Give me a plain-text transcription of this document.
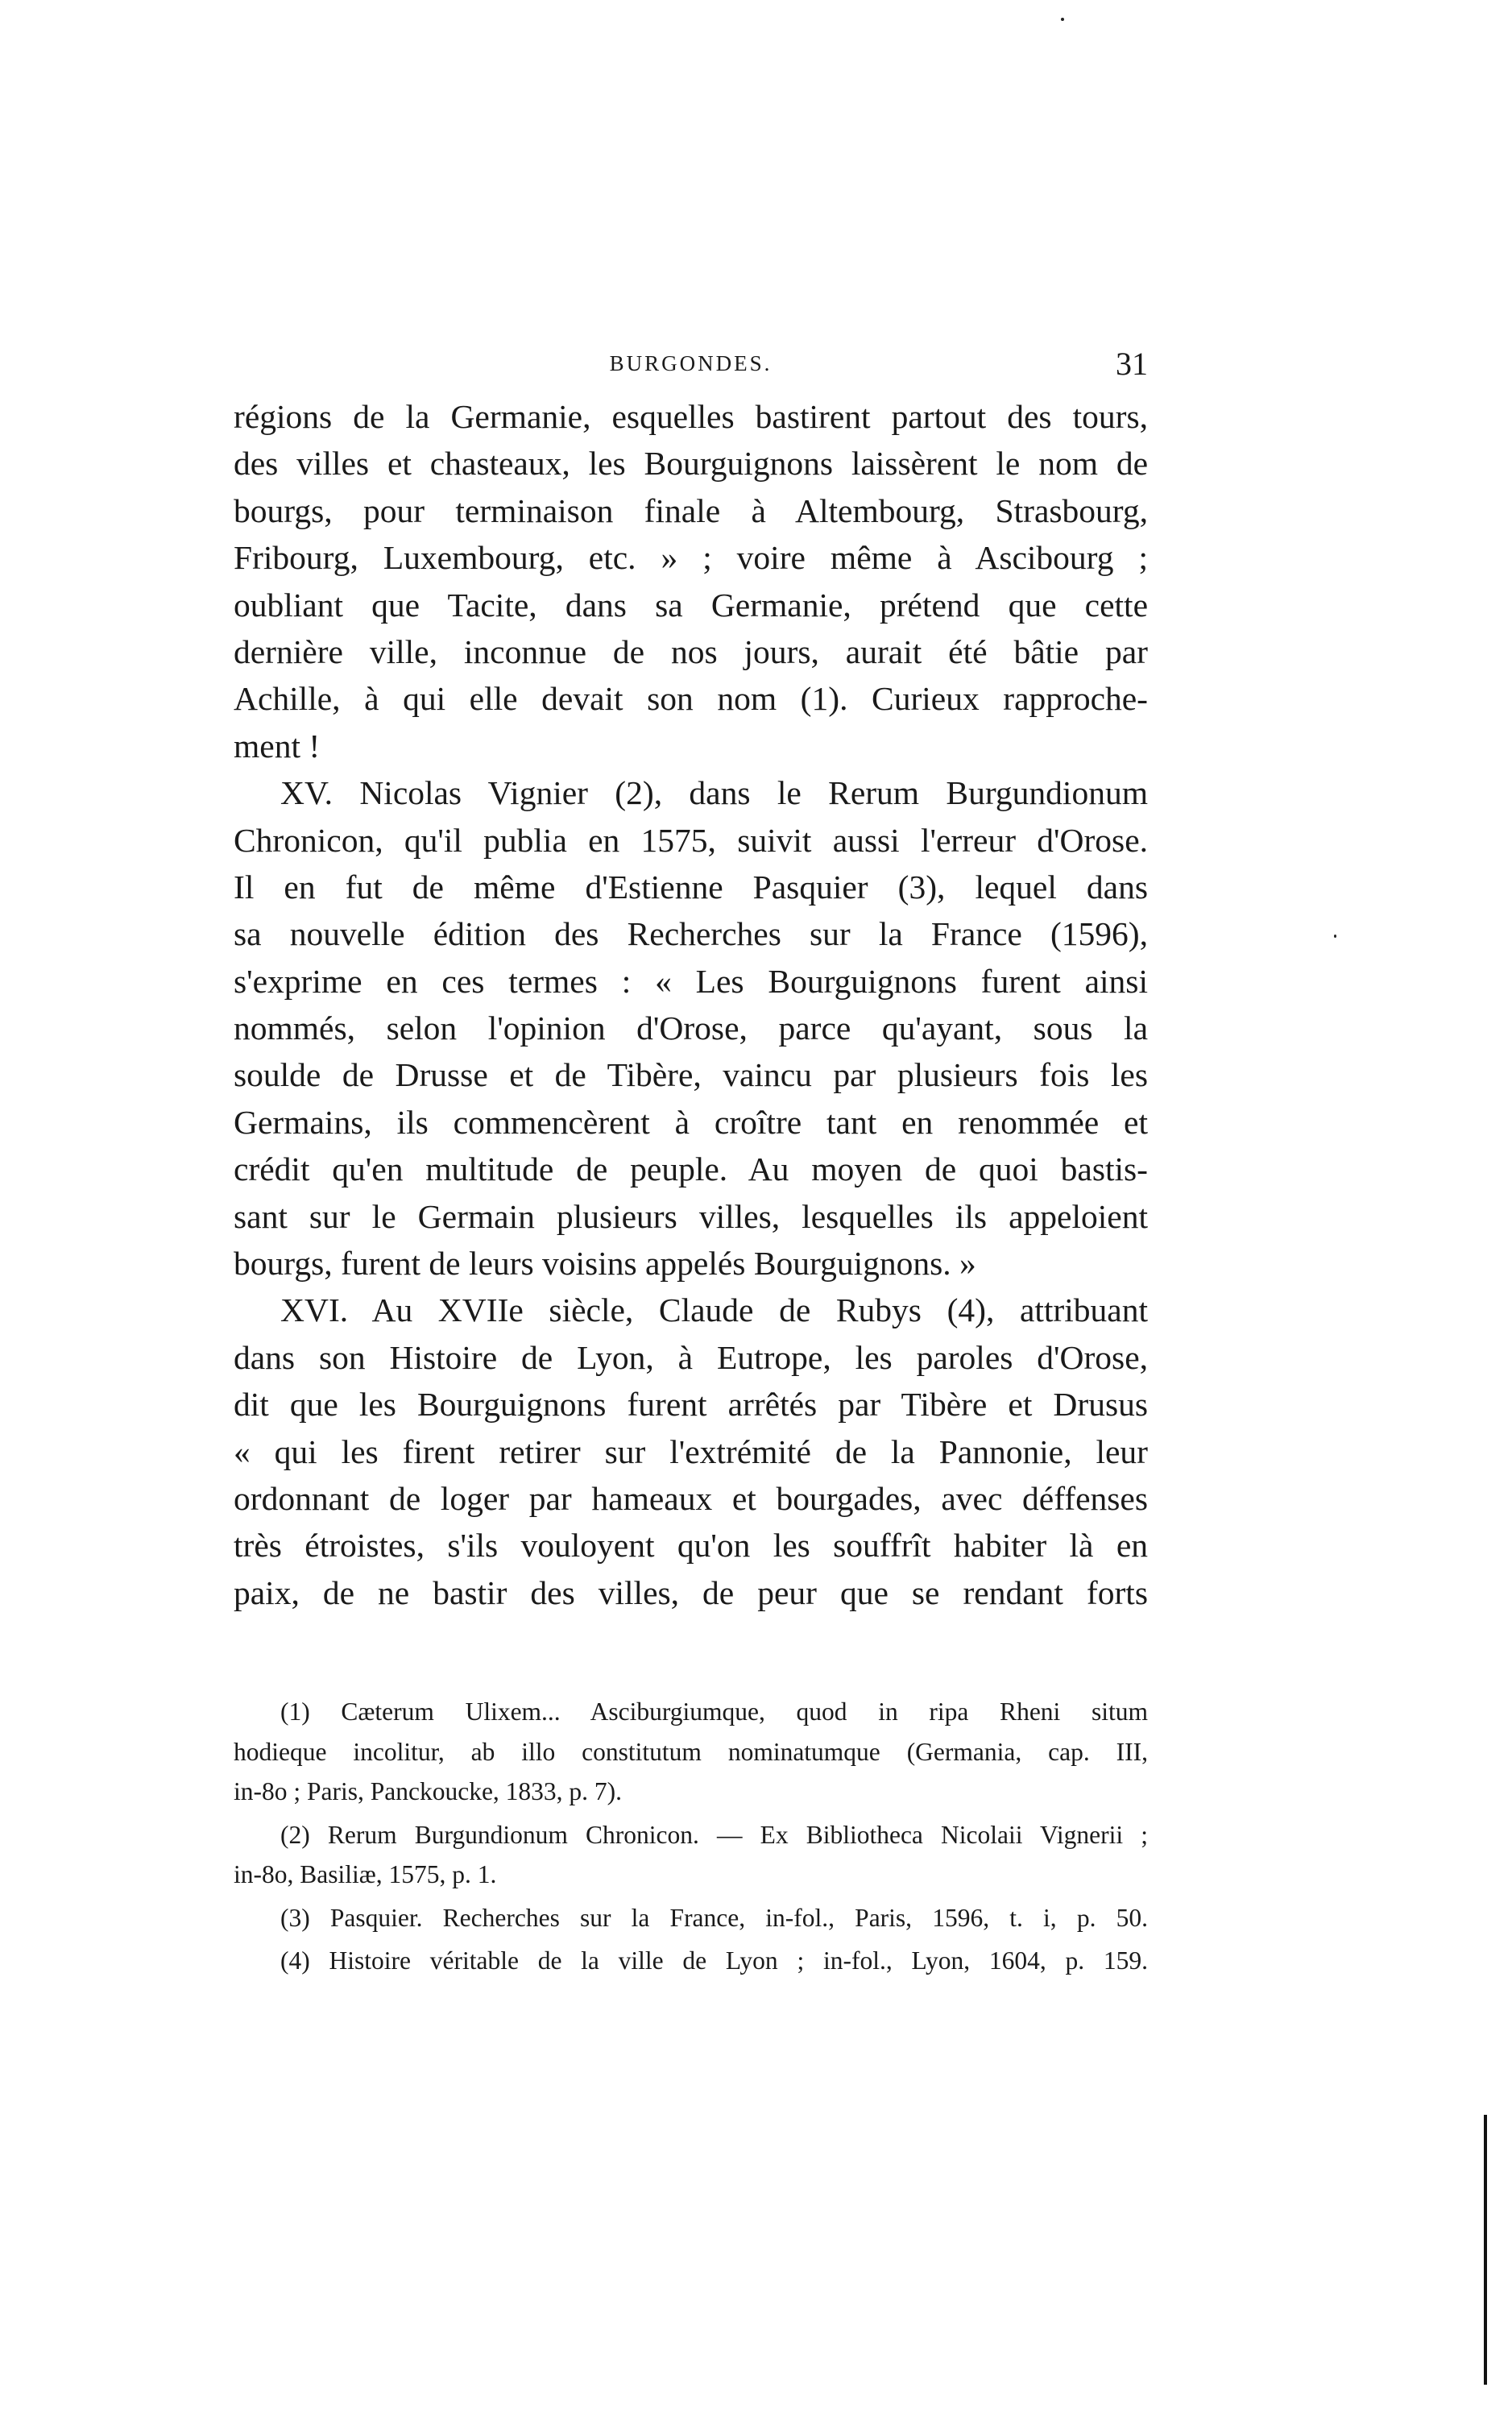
BURGONDES.	31
régions de la Germanie, esquelles bastirent partout des tours,
des villes et chasteaux, les Bourguignons laissèrent le nom de
bourgs, pour terminaison finale à Altembourg, Strasbourg,
Fribourg, Luxembourg, etc. » ; voire même à Ascibourg ;
oubliant que Tacite, dans sa Germanie, prétend que cette
dernière ville, inconnue de nos jours, aurait été bâtie par
Achille, à qui elle devait son nom (1). Curieux rapproche-
ment !
XV. Nicolas Vignier (2), dans le Rerum Burgundionum
Chronicon, qu'il publia en 1575, suivit aussi l'erreur d'Orose.
Il en fut de même d'Estienne Pasquier (3), lequel dans
sa nouvelle édition des Recherches sur la France (1596),
s'exprime en ces termes : « Les Bourguignons furent ainsi
nommés, selon l'opinion d'Orose, parce qu'ayant, sous la
soulde de Drusse et de Tibère, vaincu par plusieurs fois les
Germains, ils commencèrent à croître tant en renommée et
crédit qu'en multitude de peuple. Au moyen de quoi bastis-
sant sur le Germain plusieurs villes, lesquelles ils appeloient
bourgs, furent de leurs voisins appelés Bourguignons. »
XVI. Au XVIIe siècle, Claude de Rubys (4), attribuant
dans son Histoire de Lyon, à Eutrope, les paroles d'Orose,
dit que les Bourguignons furent arrêtés par Tibère et Drusus
« qui les firent retirer sur l'extrémité de la Pannonie, leur
ordonnant de loger par hameaux et bourgades, avec déffenses
très étroistes, s'ils vouloyent qu'on les souffrît habiter là en
paix, de ne bastir des villes, de peur que se rendant forts
(1) Cæterum Ulixem... Asciburgiumque, quod in ripa Rheni situm
hodieque incolitur, ab illo constitutum nominatumque (Germania, cap. III,
in-8o ; Paris, Panckoucke, 1833, p. 7).
(2) Rerum Burgundionum Chronicon. — Ex Bibliotheca Nicolaii Vignerii ;
in-8o, Basiliæ, 1575, p. 1.
(3) Pasquier. Recherches sur la France, in-fol., Paris, 1596, t. i, p. 50.
(4) Histoire véritable de la ville de Lyon ; in-fol., Lyon, 1604, p. 159.
